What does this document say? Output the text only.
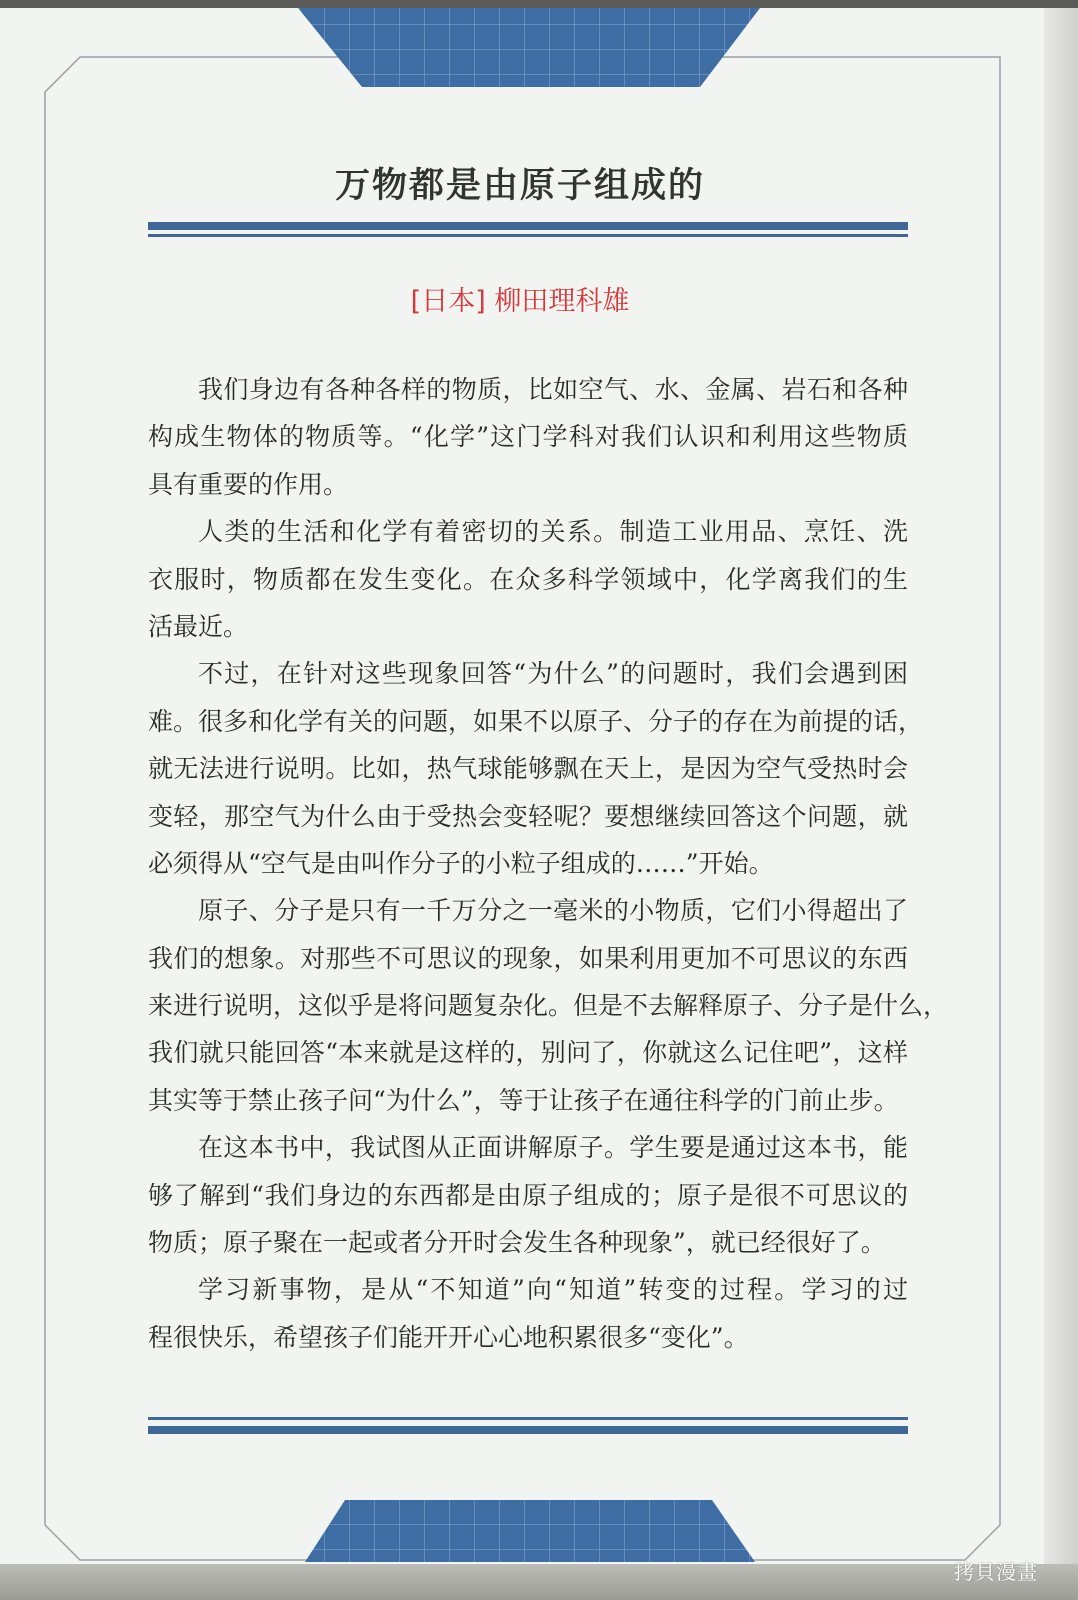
万物都是由原子组成的
[日本] 柳田理科雄
我们身边有各种各样的物质，比如空气、水、金属、岩石和各种
构成生物体的物质等。“化学”这门学科对我们认识和利用这些物质
具有重要的作用。
人类的生活和化学有着密切的关系。制造工业用品、烹饪、洗
衣服时，物质都在发生变化。在众多科学领域中，化学离我们的生
活最近。
不过，在针对这些现象回答“为什么”的问题时，我们会遇到困
难。很多和化学有关的问题，如果不以原子、分子的存在为前提的话，
就无法进行说明。比如，热气球能够飘在天上，是因为空气受热时会
变轻，那空气为什么由于受热会变轻呢？要想继续回答这个问题，就
必须得从“空气是由叫作分子的小粒子组成的……”开始。
原子、分子是只有一千万分之一毫米的小物质，它们小得超出了
我们的想象。对那些不可思议的现象，如果利用更加不可思议的东西
来进行说明，这似乎是将问题复杂化。但是不去解释原子、分子是什么，
我们就只能回答“本来就是这样的，别问了，你就这么记住吧”，这样
其实等于禁止孩子问“为什么”，等于让孩子在通往科学的门前止步。
在这本书中，我试图从正面讲解原子。学生要是通过这本书，能
够了解到“我们身边的东西都是由原子组成的；原子是很不可思议的
物质；原子聚在一起或者分开时会发生各种现象”，就已经很好了。
学习新事物，是从“不知道”向“知道”转变的过程。学习的过
程很快乐，希望孩子们能开开心心地积累很多“变化”。
拷貝漫畫
